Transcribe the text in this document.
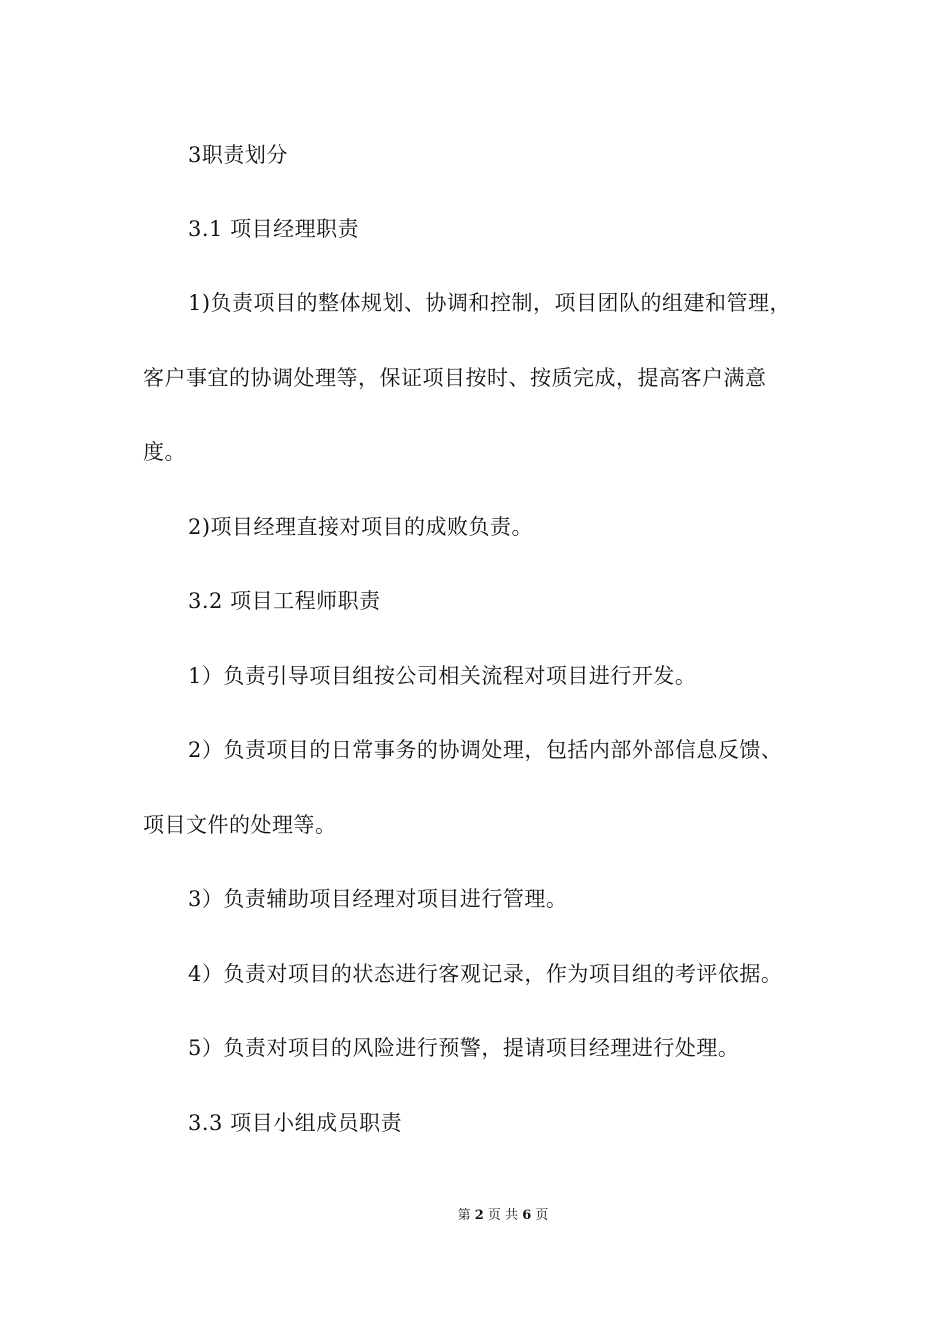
3职责划分
3.1 项目经理职责
1)负责项目的整体规划、协调和控制，项目团队的组建和管理，
客户事宜的协调处理等，保证项目按时、按质完成，提高客户满意
度。
2)项目经理直接对项目的成败负责。
3.2 项目工程师职责
1）负责引导项目组按公司相关流程对项目进行开发。
2）负责项目的日常事务的协调处理，包括内部外部信息反馈、
项目文件的处理等。
3）负责辅助项目经理对项目进行管理。
4）负责对项目的状态进行客观记录，作为项目组的考评依据。
5）负责对项目的风险进行预警，提请项目经理进行处理。
3.3 项目小组成员职责
第 2 页 共 6 页
